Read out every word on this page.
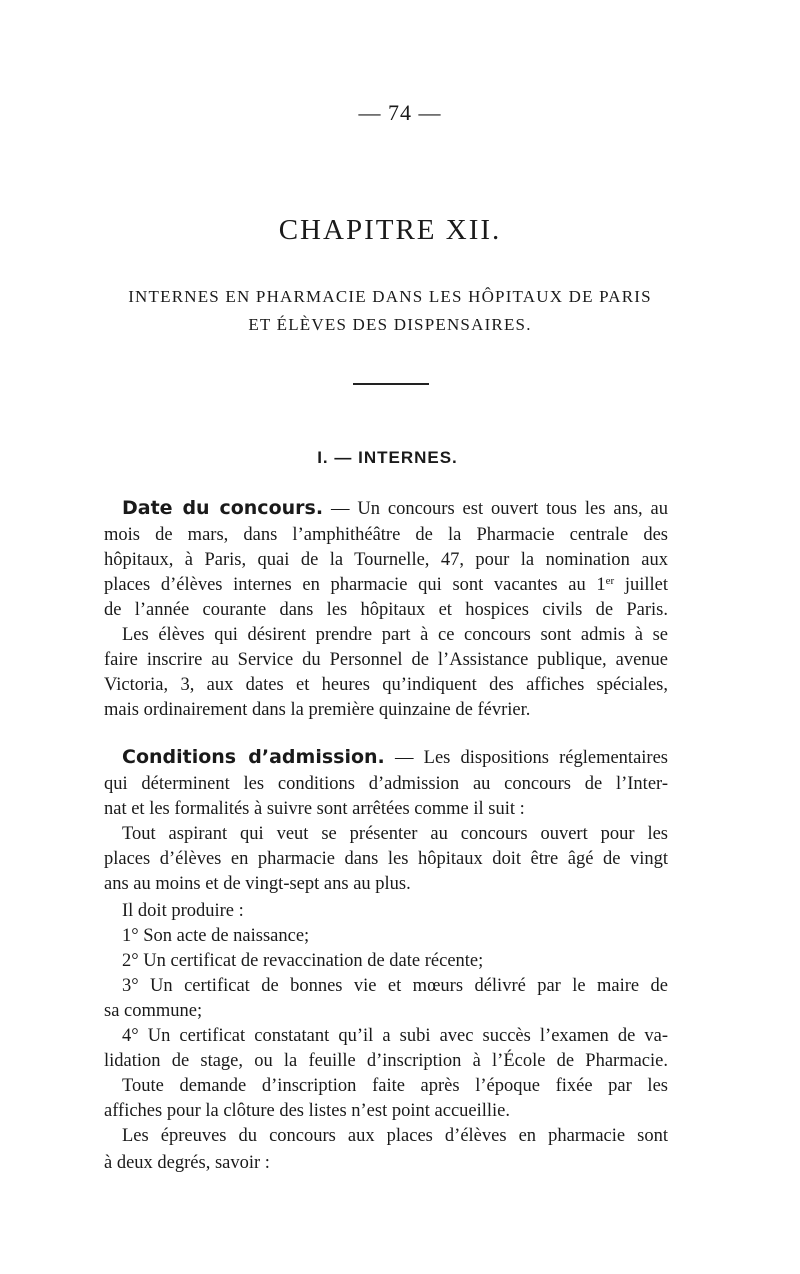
— 74 —
CHAPITRE XII.
INTERNES EN PHARMACIE DANS LES HÔPITAUX DE PARIS
ET ÉLÈVES DES DISPENSAIRES.
I. — INTERNES.
Date du concours. — Un concours est ouvert tous les ans, au
mois de mars, dans l’amphithéâtre de la Pharmacie centrale des
hôpitaux, à Paris, quai de la Tournelle, 47, pour la nomination aux
places d’élèves internes en pharmacie qui sont vacantes au 1er juillet
de l’année courante dans les hôpitaux et hospices civils de Paris.
Les élèves qui désirent prendre part à ce concours sont admis à se
faire inscrire au Service du Personnel de l’Assistance publique, avenue
Victoria, 3, aux dates et heures qu’indiquent des affiches spéciales,
mais ordinairement dans la première quinzaine de février.
Conditions d’admission. — Les dispositions réglementaires
qui déterminent les conditions d’admission au concours de l’Inter-
nat et les formalités à suivre sont arrêtées comme il suit :
Tout aspirant qui veut se présenter au concours ouvert pour les
places d’élèves en pharmacie dans les hôpitaux doit être âgé de vingt
ans au moins et de vingt-sept ans au plus.
Il doit produire :
1° Son acte de naissance;
2° Un certificat de revaccination de date récente;
3° Un certificat de bonnes vie et mœurs délivré par le maire de
sa commune;
4° Un certificat constatant qu’il a subi avec succès l’examen de va-
lidation de stage, ou la feuille d’inscription à l’École de Pharmacie.
Toute demande d’inscription faite après l’époque fixée par les
affiches pour la clôture des listes n’est point accueillie.
Les épreuves du concours aux places d’élèves en pharmacie sont
à deux degrés, savoir :
